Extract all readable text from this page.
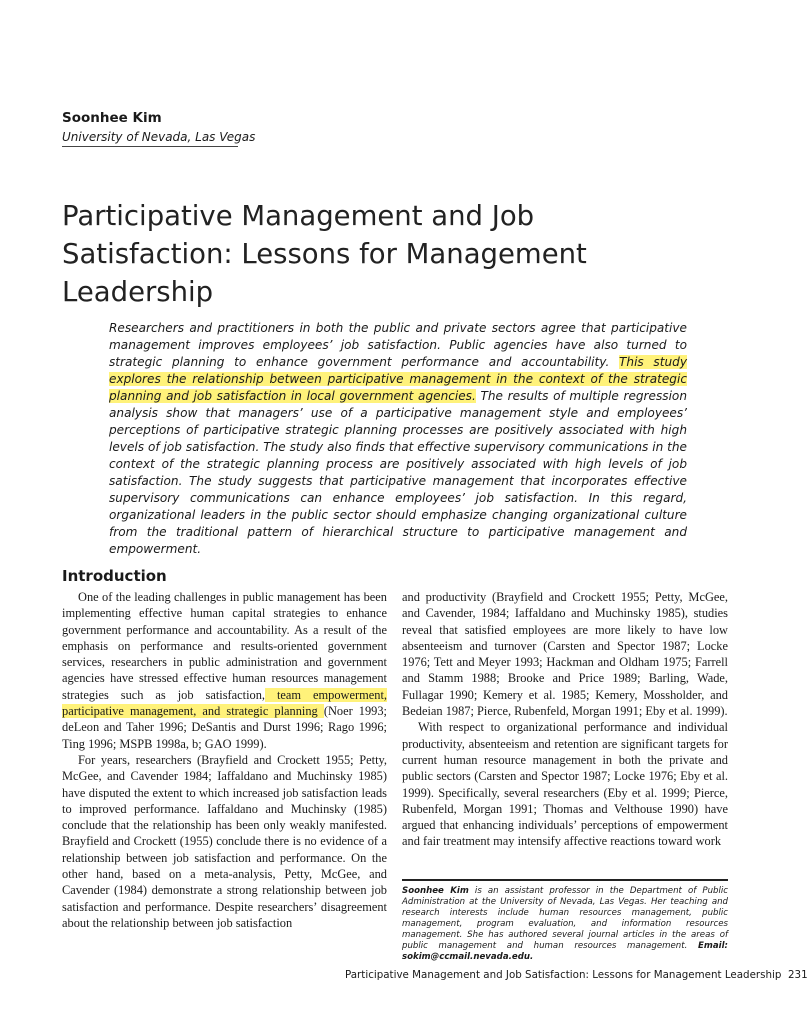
Soonhee Kim
University of Nevada, Las Vegas
Participative Management and Job
Satisfaction: Lessons for Management Leadership

Researchers and practitioners in both the public and private sectors agree that participative management improves employees’ job satisfaction. Public agencies have also turned to strategic planning to enhance government performance and accountability. This study explores the relationship between participative management in the context of the strategic planning and job satisfaction in local government agencies. The results of multiple regression analysis show that managers’ use of a participative management style and employees’ perceptions of participative strategic planning processes are positively associated with high levels of job satisfaction. The study also finds that effective supervisory communications in the context of the strategic planning process are positively associated with high levels of job satisfaction. The study suggests that participative management that incorporates effective supervisory communications can enhance employees’ job satisfaction. In this regard, organizational leaders in the public sector should emphasize changing organizational culture from the traditional pattern of hierarchical structure to participative management and empowerment.

Introduction

One of the leading challenges in public management has been implementing effective human capital strategies to enhance government performance and accountability. As a result of the emphasis on performance and results-oriented government services, researchers in public administration and government agencies have stressed effective human resources management strategies such as job satisfaction, team empowerment, participative management, and strategic planning (Noer 1993; deLeon and Taher 1996; DeSantis and Durst 1996; Rago 1996; Ting 1996; MSPB 1998a, b; GAO 1999).

For years, researchers (Brayfield and Crockett 1955; Petty, McGee, and Cavender 1984; Iaffaldano and Muchinsky 1985) have disputed the extent to which increased job satisfaction leads to improved performance. Iaffaldano and Muchinsky (1985) conclude that the relationship has been only weakly manifested. Brayfield and Crockett (1955) conclude there is no evidence of a relationship between job satisfaction and performance. On the other hand, based on a meta-analysis, Petty, McGee, and Cavender (1984) demonstrate a strong relationship between job satisfaction and performance. Despite researchers’ disagreement about the relationship between job satisfaction

and productivity (Brayfield and Crockett 1955; Petty, McGee, and Cavender, 1984; Iaffaldano and Muchinsky 1985), studies reveal that satisfied employees are more likely to have low absenteeism and turnover (Carsten and Spector 1987; Locke 1976; Tett and Meyer 1993; Hackman and Oldham 1975; Farrell and Stamm 1988; Brooke and Price 1989; Barling, Wade, Fullagar 1990; Kemery et al. 1985; Kemery, Mossholder, and Bedeian 1987; Pierce, Rubenfeld, Morgan 1991; Eby et al. 1999).

With respect to organizational performance and individual productivity, absenteeism and retention are significant targets for current human resource management in both the private and public sectors (Carsten and Spector 1987; Locke 1976; Eby et al. 1999). Specifically, several researchers (Eby et al. 1999; Pierce, Rubenfeld, Morgan 1991; Thomas and Velthouse 1990) have argued that enhancing individuals’ perceptions of empowerment and fair treatment may intensify affective reactions toward work

Soonhee Kim is an assistant professor in the Department of Public Administration at the University of Nevada, Las Vegas. Her teaching and research interests include human resources management, public management, program evaluation, and information resources management. She has authored several journal articles in the areas of public management and human resources management. Email: sokim@ccmail.nevada.edu.
Participative Management and Job Satisfaction: Lessons for Management Leadership 231
